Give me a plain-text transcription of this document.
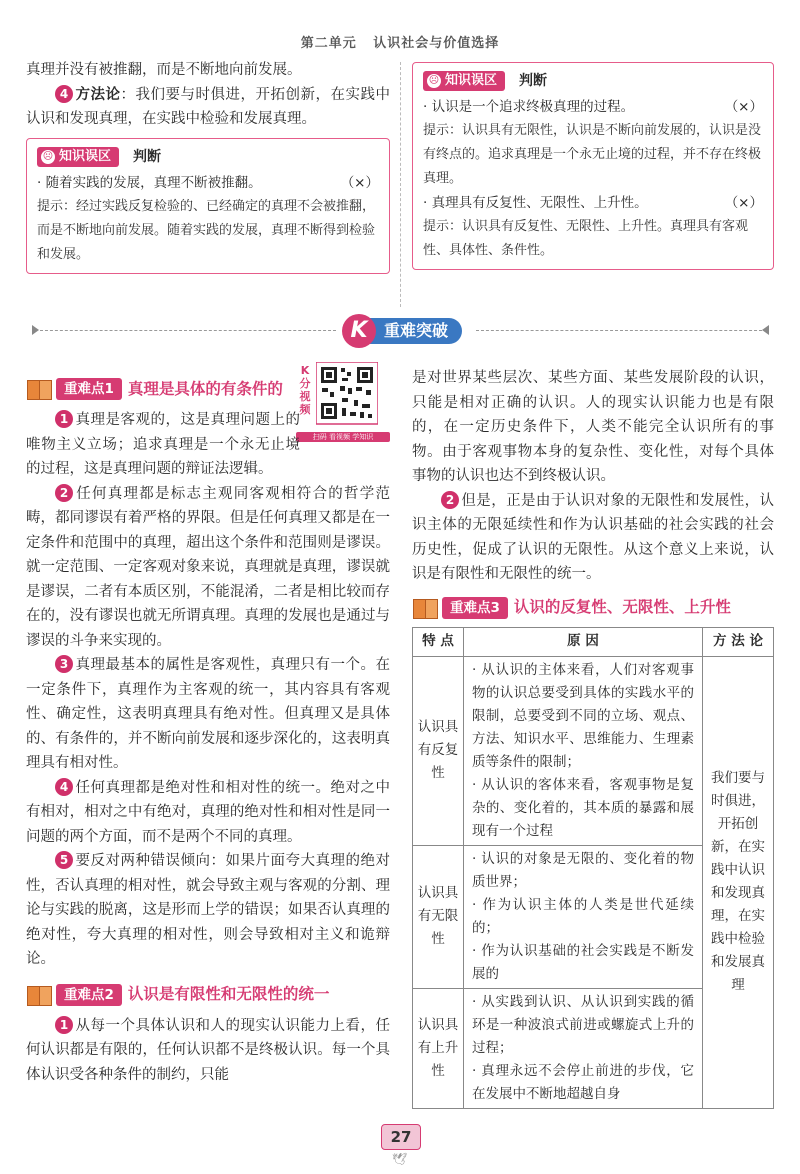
第二单元 认识社会与价值选择

真理并没有被推翻，而是不断地向前发展。

4 方法论：我们要与时俱进，开拓创新，在实践中认识和发现真理，在实践中检验和发展真理。

☹ 知识误区 判断
· 随着实践的发展，真理不断被推翻。	（×）
提示：经过实践反复检验的、已经确定的真理不会被推翻，而是不断地向前发展。随着实践的发展，真理不断得到检验和发展。
☹ 知识误区 判断
· 认识是一个追求终极真理的过程。	（×）
提示：认识具有无限性，认识是不断向前发展的，认识是没有终点的。追求真理是一个永无止境的过程，并不存在终极真理。
· 真理具有反复性、无限性、上升性。	（×）
提示：认识具有反复性、无限性、上升性。真理具有客观性、具体性、条件性。
K	重难突破
K分视频
扫码 看视频 学知识
重难点1 真理是具体的有条件的

1 真理是客观的，这是真理问题上的唯物主义立场；追求真理是一个永无止境的过程，这是真理问题的辩证法逻辑。

2 任何真理都是标志主观同客观相符合的哲学范畴，都同谬误有着严格的界限。但是任何真理又都是在一定条件和范围中的真理，超出这个条件和范围则是谬误。就一定范围、一定客观对象来说，真理就是真理，谬误就是谬误，二者有本质区别，不能混淆，二者是相比较而存在的，没有谬误也就无所谓真理。真理的发展也是通过与谬误的斗争来实现的。

3 真理最基本的属性是客观性，真理只有一个。在一定条件下，真理作为主客观的统一，其内容具有客观性、确定性，这表明真理具有绝对性。但真理又是具体的、有条件的，并不断向前发展和逐步深化的，这表明真理具有相对性。

4 任何真理都是绝对性和相对性的统一。绝对之中有相对，相对之中有绝对，真理的绝对性和相对性是同一问题的两个方面，而不是两个不同的真理。

5 要反对两种错误倾向：如果片面夸大真理的绝对性，否认真理的相对性，就会导致主观与客观的分割、理论与实践的脱离，这是形而上学的错误；如果否认真理的绝对性，夸大真理的相对性，则会导致相对主义和诡辩论。

重难点2 认识是有限性和无限性的统一

1 从每一个具体认识和人的现实认识能力上看，任何认识都是有限的，任何认识都不是终极认识。每一个具体认识受各种条件的制约，只能

是对世界某些层次、某些方面、某些发展阶段的认识，只能是相对正确的认识。人的现实认识能力也是有限的，在一定历史条件下，人类不能完全认识所有的事物。由于客观事物本身的复杂性、变化性，对每个具体事物的认识也达不到终极认识。

2 但是，正是由于认识对象的无限性和发展性，认识主体的无限延续性和作为认识基础的社会实践的社会历史性，促成了认识的无限性。从这个意义上来说，认识是有限性和无限性的统一。

重难点3 认识的反复性、无限性、上升性
特 点	原 因	方 法 论
认识具有反复性	· 从认识的主体来看，人们对客观事物的认识总要受到具体的实践水平的限制，总要受到不同的立场、观点、方法、知识水平、思维能力、生理素质等条件的限制；
· 从认识的客体来看，客观事物是复杂的、变化着的，其本质的暴露和展现有一个过程	我们要与时俱进，开拓创新，在实践中认识和发现真理，在实践中检验和发展真理
认识具有无限性	· 认识的对象是无限的、变化着的物质世界；
· 作为认识主体的人类是世代延续的；
· 作为认识基础的社会实践是不断发展的	

认识具有上升性	· 从实践到认识、从认识到实践的循环是一种波浪式前进或螺旋式上升的过程；
· 真理永远不会停止前进的步伐，它在发展中不断地超越自身	
27
🕊
